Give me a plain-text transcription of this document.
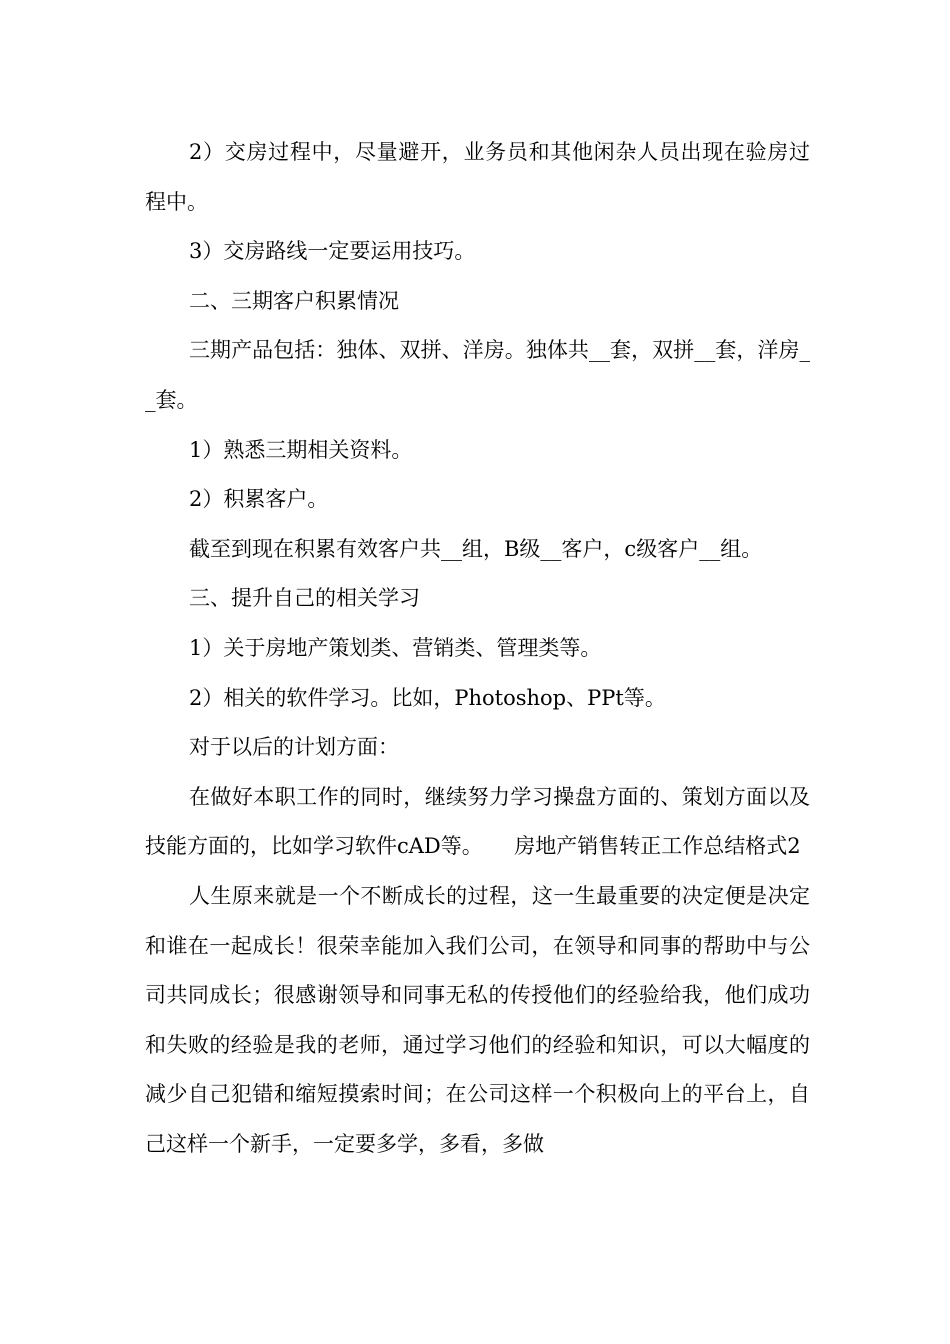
2）交房过程中，尽量避开，业务员和其他闲杂人员出现在验房过程中。

3）交房路线一定要运用技巧。

二、三期客户积累情况

三期产品包括：独体、双拼、洋房。独体共__套，双拼__套，洋房__套。

1）熟悉三期相关资料。

2）积累客户。

截至到现在积累有效客户共__组，B级__客户，c级客户__组。

三、提升自己的相关学习

1）关于房地产策划类、营销类、管理类等。

2）相关的软件学习。比如，Photoshop、PPt等。

对于以后的计划方面：

在做好本职工作的同时，继续努力学习操盘方面的、策划方面以及技能方面的，比如学习软件cAD等。　　房地产销售转正工作总结格式2

人生原来就是一个不断成长的过程，这一生最重要的决定便是决定和谁在一起成长！很荣幸能加入我们公司，在领导和同事的帮助中与公司共同成长；很感谢领导和同事无私的传授他们的经验给我，他们成功和失败的经验是我的老师，通过学习他们的经验和知识，可以大幅度的减少自己犯错和缩短摸索时间；在公司这样一个积极向上的平台上，自己这样一个新手，一定要多学，多看，多做
